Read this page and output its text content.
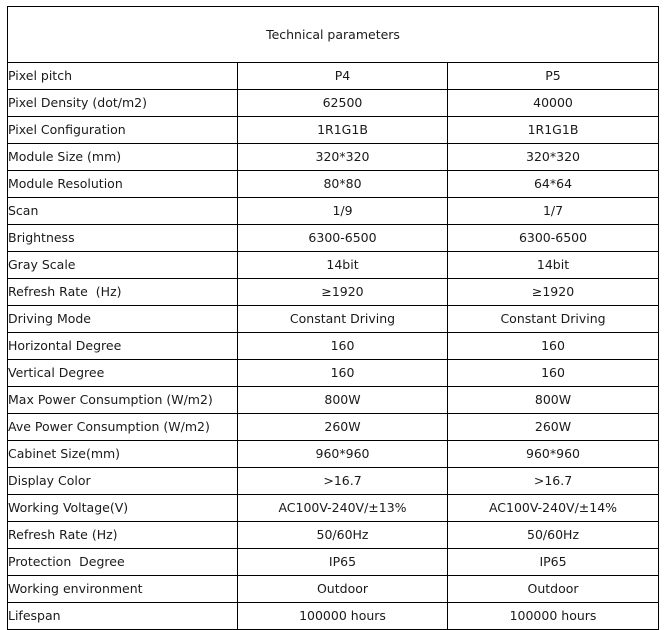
Technical parameters		
Pixel pitch	P4	P5
Pixel Density (dot/m2)	62500	40000
Pixel Configuration	1R1G1B	1R1G1B
Module Size (mm)	320*320	320*320
Module Resolution	80*80	64*64
Scan	1/9	1/7
Brightness	6300-6500	6300-6500
Gray Scale	14bit	14bit
Refresh Rate  (Hz)	≥1920	≥1920
Driving Mode	Constant Driving	Constant Driving
Horizontal Degree	160	160
Vertical Degree	160	160
Max Power Consumption (W/m2)	800W	800W
Ave Power Consumption (W/m2)	260W	260W
Cabinet Size(mm)	960*960	960*960
Display Color	>16.7	>16.7
Working Voltage(V)	AC100V-240V/±13%	AC100V-240V/±14%
Refresh Rate (Hz)	50/60Hz	50/60Hz
Protection  Degree	IP65	IP65
Working environment	Outdoor	Outdoor
Lifespan	100000 hours	100000 hours
